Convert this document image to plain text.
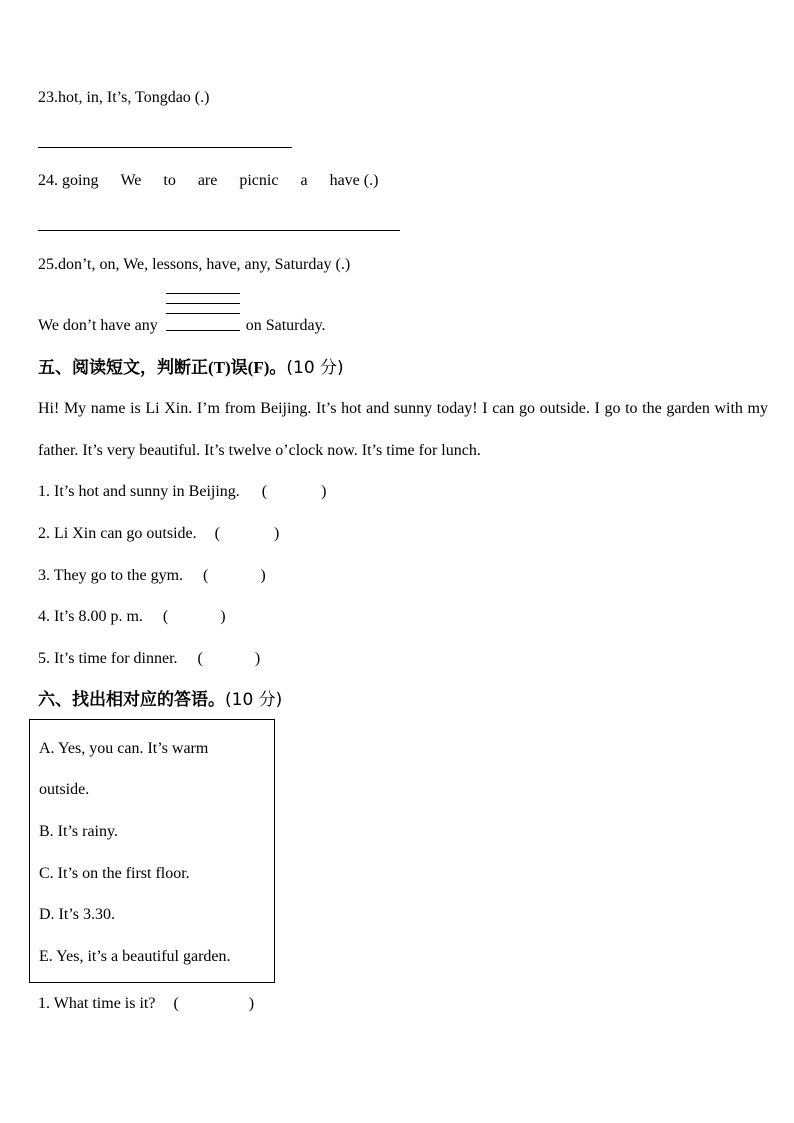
23.hot, in, It’s, Tongdao (.)
24. going We to are picnic a have (.)
25.don’t, on, We, lessons, have, any, Saturday (.)
We don’t have any	on Saturday.
五、阅读短文，判断正(T)误(F)。(10 分)
Hi! My name is Li Xin. I’m from Beijing. It’s hot and sunny today! I can go outside. I go to the garden with my father. It’s very beautiful. It’s twelve o’clock now. It’s time for lunch.
1. It’s hot and sunny in Beijing. (	)
2. Li Xin can go outside. (	)
3. They go to the gym. (	)
4. It’s 8.00 p. m. (	)
5. It’s time for dinner. (	)
六、找出相对应的答语。(10 分)
A. Yes, you can. It’s warm
outside.
B. It’s rainy.
C. It’s on the first floor.
D. It’s 3.30.
E. Yes, it’s a beautiful garden.
1. What time is it? (	)
